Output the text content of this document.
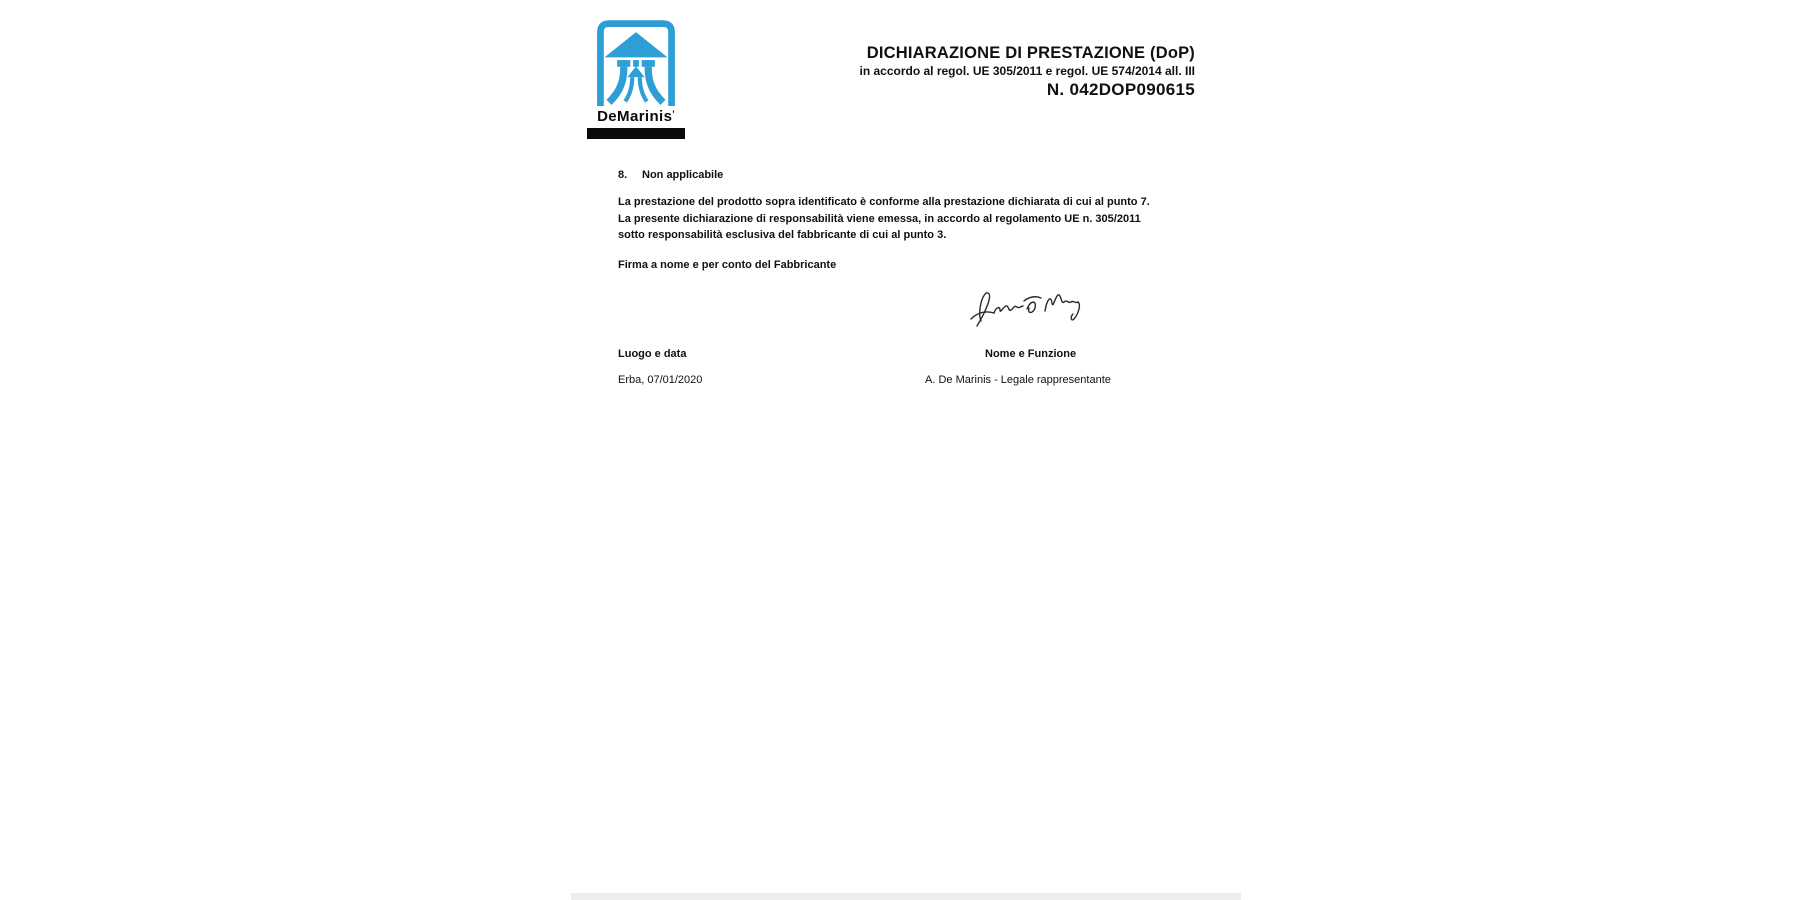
DeMarinis'
DICHIARAZIONE DI PRESTAZIONE (DoP)
in accordo al regol. UE 305/2011 e regol. UE 574/2014 all. III
N. 042DOP090615
8. Non applicabile
La prestazione del prodotto sopra identificato è conforme alla prestazione dichiarata di cui al punto 7.
La presente dichiarazione di responsabilità viene emessa, in accordo al regolamento UE n. 305/2011
sotto responsabilità esclusiva del fabbricante di cui al punto 3.
Firma a nome e per conto del Fabbricante
Luogo e data	Nome e Funzione
Erba, 07/01/2020	A. De Marinis - Legale rappresentante
